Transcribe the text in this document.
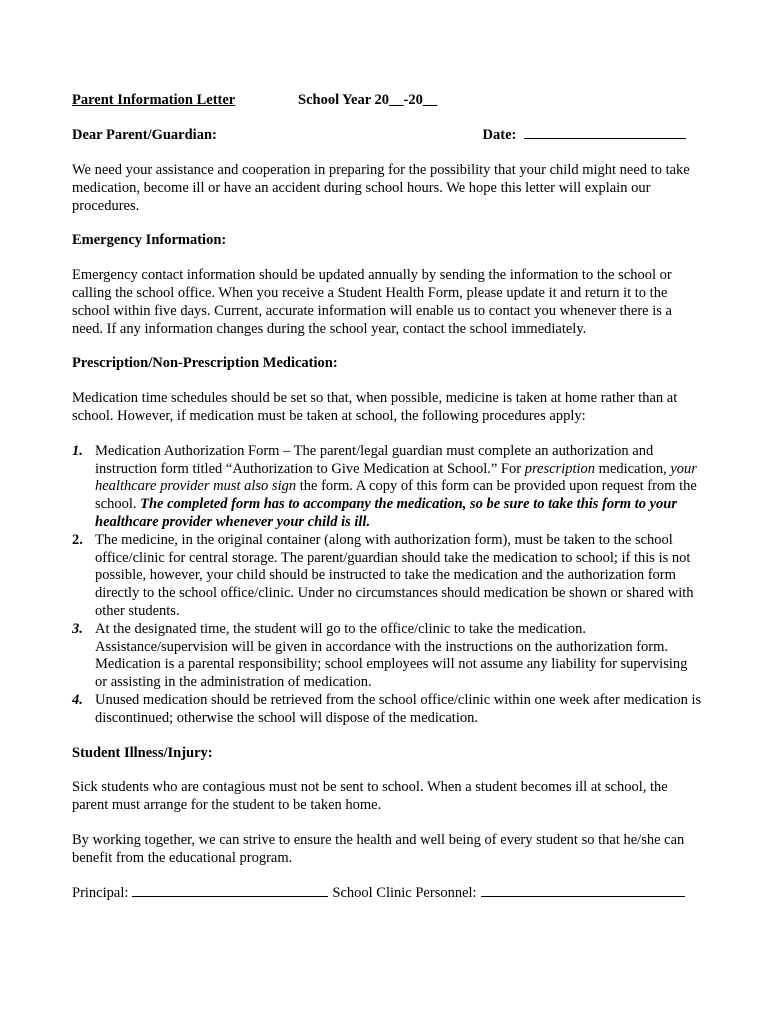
Parent Information Letter	School Year 20__-20__
Dear Parent/Guardian:	Date:

We need your assistance and cooperation in preparing for the possibility that your child might need to take medication, become ill or have an accident during school hours. We hope this letter will explain our procedures.

Emergency Information:

Emergency contact information should be updated annually by sending the information to the school or calling the school office. When you receive a Student Health Form, please update it and return it to the school within five days. Current, accurate information will enable us to contact you whenever there is a need. If any information changes during the school year, contact the school immediately.

Prescription/Non-Prescription Medication:

Medication time schedules should be set so that, when possible, medicine is taken at home rather than at school. However, if medication must be taken at school, the following procedures apply:

1. Medication Authorization Form – The parent/legal guardian must complete an authorization and instruction form titled “Authorization to Give Medication at School.” For prescription medication, your healthcare provider must also sign the form. A copy of this form can be provided upon request from the school. The completed form has to accompany the medication, so be sure to take this form to your healthcare provider whenever your child is ill.
2. The medicine, in the original container (along with authorization form), must be taken to the school office/clinic for central storage. The parent/guardian should take the medication to school; if this is not possible, however, your child should be instructed to take the medication and the authorization form directly to the school office/clinic. Under no circumstances should medication be shown or shared with other students.
3. At the designated time, the student will go to the office/clinic to take the medication. Assistance/supervision will be given in accordance with the instructions on the authorization form. Medication is a parental responsibility; school employees will not assume any liability for supervising or assisting in the administration of medication.
4. Unused medication should be retrieved from the school office/clinic within one week after medication is discontinued; otherwise the school will dispose of the medication.

Student Illness/Injury:

Sick students who are contagious must not be sent to school. When a student becomes ill at school, the parent must arrange for the student to be taken home.

By working together, we can strive to ensure the health and well being of every student so that he/she can benefit from the educational program.

Principal:	School Clinic Personnel:
